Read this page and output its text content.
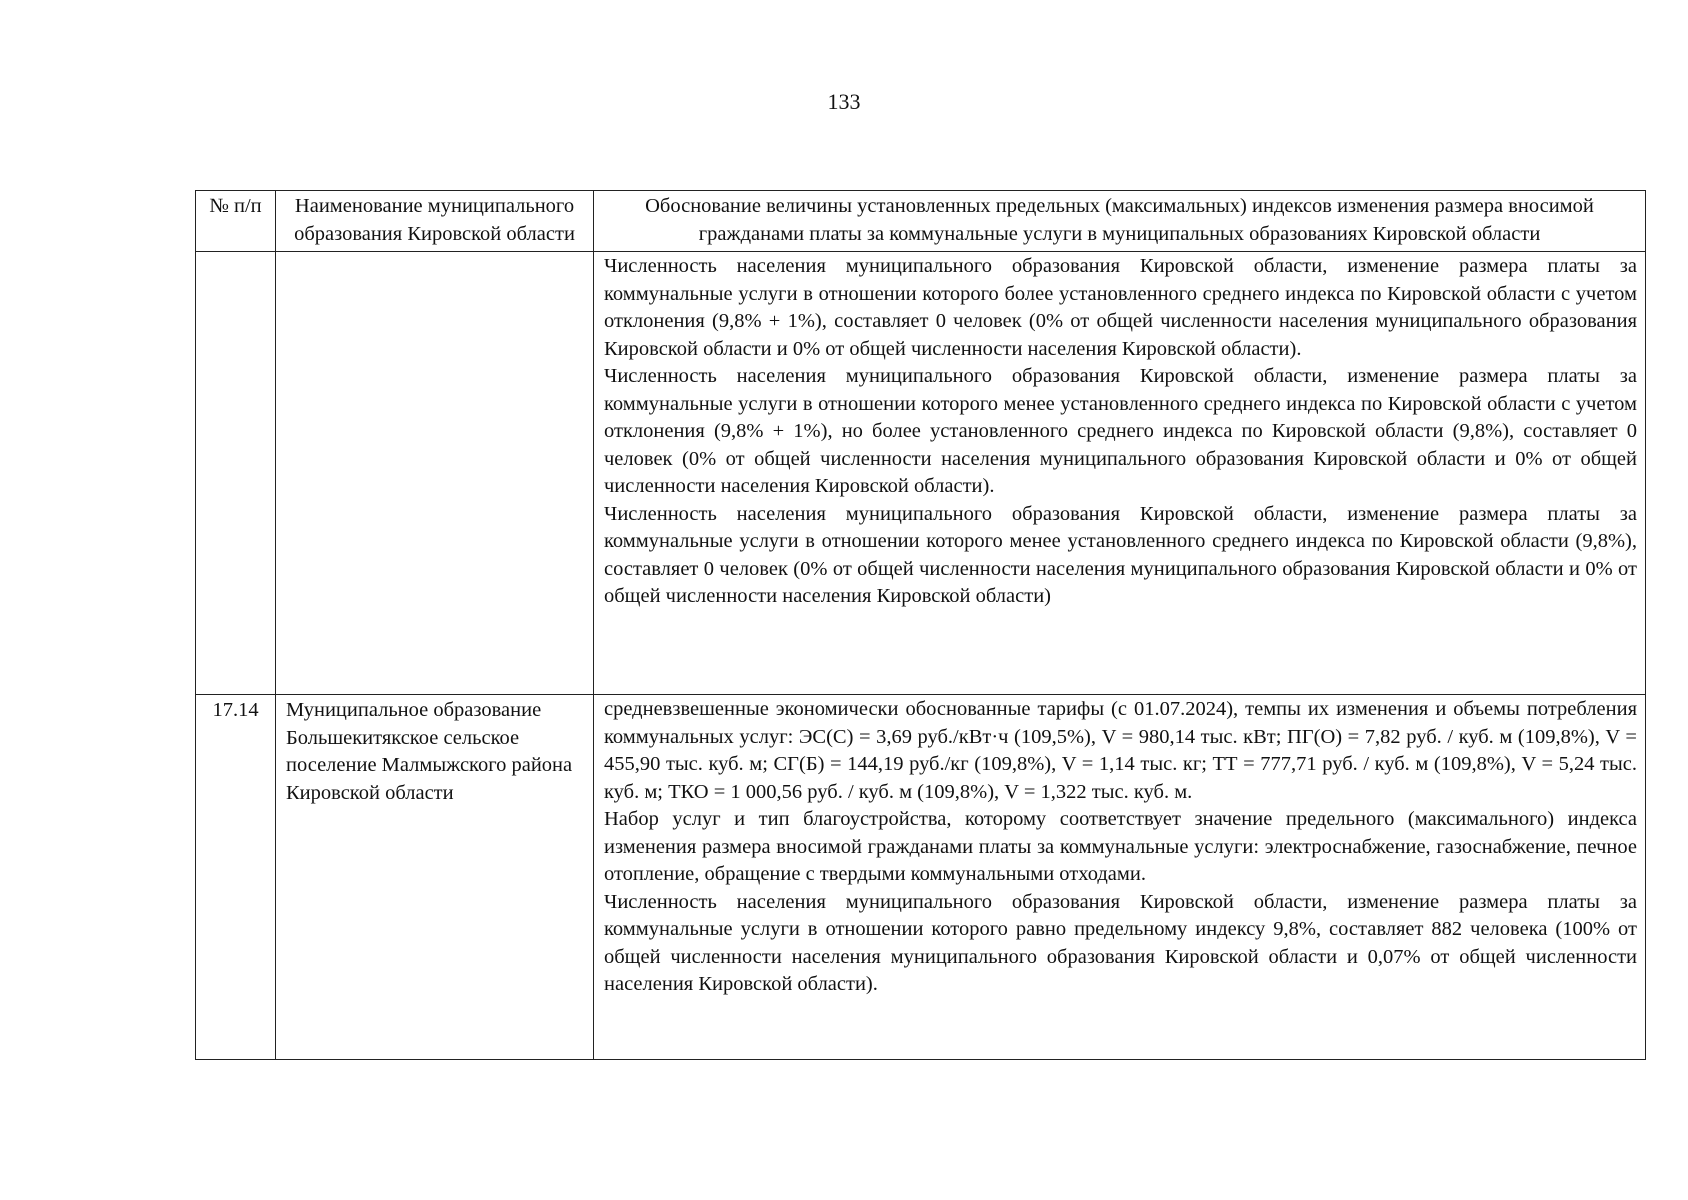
133
№ п/п	Наименование муниципального образования Кировской области	Обоснование величины установленных предельных (максимальных) индексов изменения размера вносимой гражданами платы за коммунальные услуги в муниципальных образованиях Кировской области

		Численность населения муниципального образования Кировской области, изменение размера платы за коммунальные услуги в отношении которого более установленного среднего индекса по Кировской области с учетом отклонения (9,8% + 1%), составляет 0 человек (0% от общей численности населения муниципального образования Кировской области и 0% от общей численности населения Кировской области).

Численность населения муниципального образования Кировской области, изменение размера платы за коммунальные услуги в отношении которого менее установленного среднего индекса по Кировской области с учетом отклонения (9,8% + 1%), но более установленного среднего индекса по Кировской области (9,8%), составляет 0 человек (0% от общей численности населения муниципального образования Кировской области и 0% от общей численности населения Кировской области).

Численность населения муниципального образования Кировской области, изменение размера платы за коммунальные услуги в отношении которого менее установленного среднего индекса по Кировской области (9,8%), составляет 0 человек (0% от общей численности населения муниципального образования Кировской области и 0% от общей численности населения Кировской области)

17.14	Муниципальное образование Большекитякское сельское поселение Малмыжского района Кировской области	средневзвешенные экономически обоснованные тарифы (с 01.07.2024), темпы их изменения и объемы потребления коммунальных услуг: ЭС(С) = 3,69 руб./кВт·ч (109,5%), V = 980,14 тыс. кВт; ПГ(О) = 7,82 руб. / куб. м (109,8%), V = 455,90 тыс. куб. м; СГ(Б) = 144,19 руб./кг (109,8%), V = 1,14 тыс. кг; ТТ = 777,71 руб. / куб. м (109,8%), V = 5,24 тыс. куб. м; ТКО = 1 000,56 руб. / куб. м (109,8%), V = 1,322 тыс. куб. м.

Набор услуг и тип благоустройства, которому соответствует значение предельного (максимального) индекса изменения размера вносимой гражданами платы за коммунальные услуги: электроснабжение, газоснабжение, печное отопление, обращение с твердыми коммунальными отходами.

Численность населения муниципального образования Кировской области, изменение размера платы за коммунальные услуги в отношении которого равно предельному индексу 9,8%, составляет 882 человека (100% от общей численности населения муниципального образования Кировской области и 0,07% от общей численности населения Кировской области).
